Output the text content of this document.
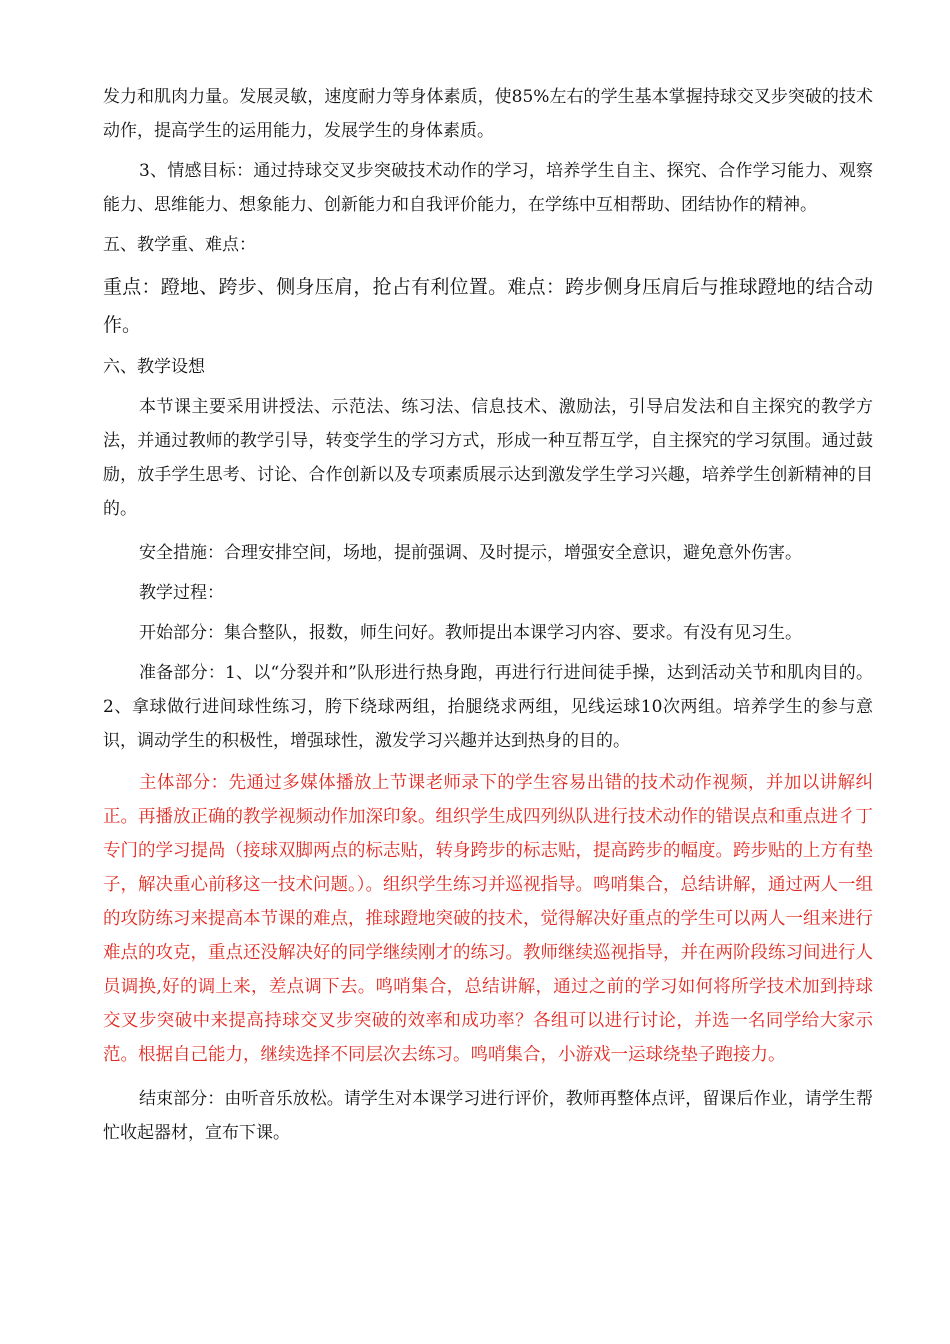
发力和肌肉力量。发展灵敏，速度耐力等身体素质，使85%左右的学生基本掌握持球交叉步突破的技术动作，提高学生的运用能力，发展学生的身体素质。

3、情感目标：通过持球交叉步突破技术动作的学习，培养学生自主、探究、合作学习能力、观察能力、思维能力、想象能力、创新能力和自我评价能力，在学练中互相帮助、团结协作的精神。

五、教学重、难点：

重点：蹬地、跨步、侧身压肩，抢占有利位置。难点：跨步侧身压肩后与推球蹬地的结合动作。

六、教学设想

本节课主要采用讲授法、示范法、练习法、信息技术、激励法，引导启发法和自主探究的教学方法，并通过教师的教学引导，转变学生的学习方式，形成一种互帮互学，自主探究的学习氛围。通过鼓励，放手学生思考、讨论、合作创新以及专项素质展示达到激发学生学习兴趣，培养学生创新精神的目的。

安全措施：合理安排空间，场地，提前强调、及时提示，增强安全意识，避免意外伤害。

教学过程：

开始部分：集合整队，报数，师生问好。教师提出本课学习内容、要求。有没有见习生。

准备部分：1、以“分裂并和”队形进行热身跑，再进行行进间徒手操，达到活动关节和肌肉目的。2、拿球做行进间球性练习，胯下绕球两组，抬腿绕求两组，见线运球10次两组。培养学生的参与意识，调动学生的积极性，增强球性，激发学习兴趣并达到热身的目的。

主体部分：先通过多媒体播放上节课老师录下的学生容易出错的技术动作视频，并加以讲解纠正。再播放正确的教学视频动作加深印象。组织学生成四列纵队进行技术动作的错误点和重点进彳丁专门的学习提咼（接球双脚两点的标志贴，转身跨步的标志贴，提高跨步的幅度。跨步贴的上方有垫子，解决重心前移这一技术问题。）。组织学生练习并巡视指导。鸣哨集合，总结讲解，通过两人一组的攻防练习来提高本节课的难点，推球蹬地突破的技术，觉得解决好重点的学生可以两人一组来进行难点的攻克，重点还没解决好的同学继续刚才的练习。教师继续巡视指导，并在两阶段练习间进行人员调换,好的调上来，差点调下去。鸣哨集合，总结讲解，通过之前的学习如何将所学技术加到持球交叉步突破中来提高持球交叉步突破的效率和成功率？各组可以进行讨论，并选一名同学给大家示范。根据自己能力，继续选择不同层次去练习。鸣哨集合，小游戏一运球绕垫子跑接力。

结束部分：由听音乐放松。请学生对本课学习进行评价，教师再整体点评，留课后作业，请学生帮忙收起器材，宣布下课。
